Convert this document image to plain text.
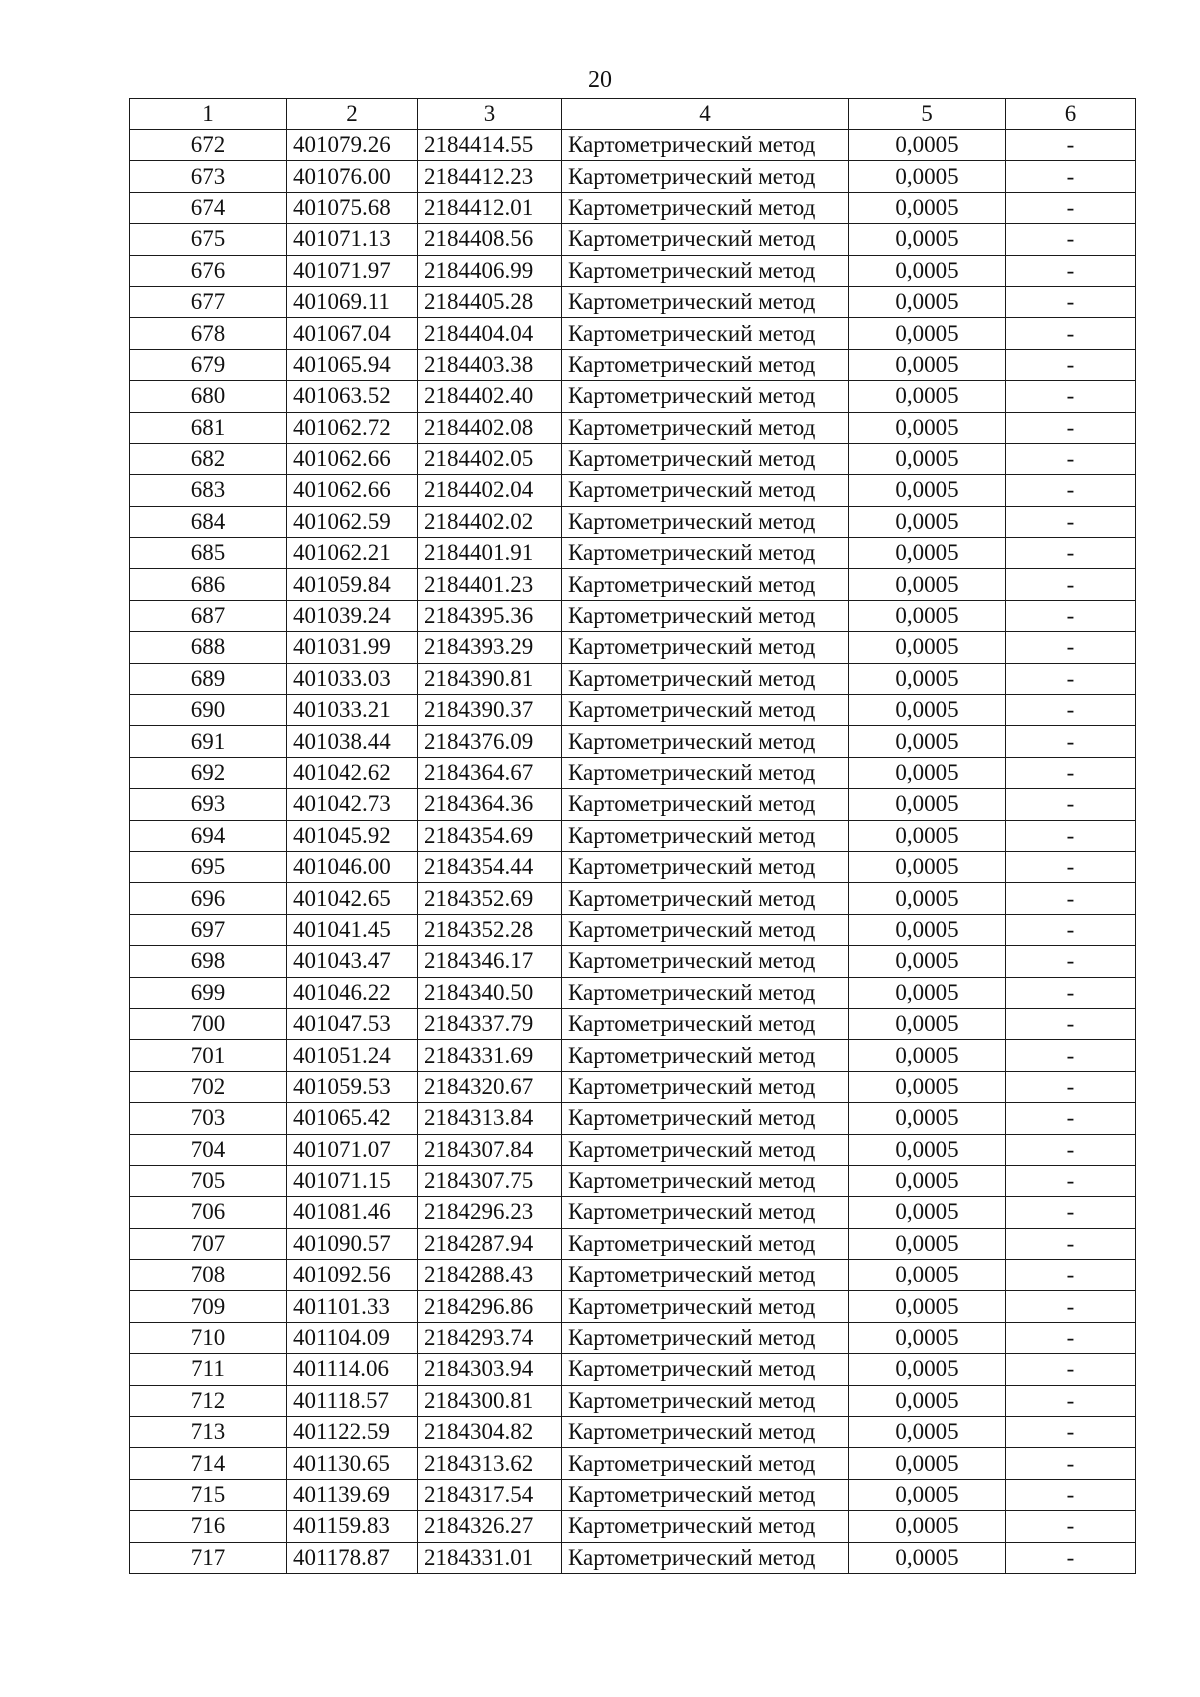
20
1	2	3	4	5	6
672	401079.26	2184414.55	Картометрический метод	0,0005	-
673	401076.00	2184412.23	Картометрический метод	0,0005	-
674	401075.68	2184412.01	Картометрический метод	0,0005	-
675	401071.13	2184408.56	Картометрический метод	0,0005	-
676	401071.97	2184406.99	Картометрический метод	0,0005	-
677	401069.11	2184405.28	Картометрический метод	0,0005	-
678	401067.04	2184404.04	Картометрический метод	0,0005	-
679	401065.94	2184403.38	Картометрический метод	0,0005	-
680	401063.52	2184402.40	Картометрический метод	0,0005	-
681	401062.72	2184402.08	Картометрический метод	0,0005	-
682	401062.66	2184402.05	Картометрический метод	0,0005	-
683	401062.66	2184402.04	Картометрический метод	0,0005	-
684	401062.59	2184402.02	Картометрический метод	0,0005	-
685	401062.21	2184401.91	Картометрический метод	0,0005	-
686	401059.84	2184401.23	Картометрический метод	0,0005	-
687	401039.24	2184395.36	Картометрический метод	0,0005	-
688	401031.99	2184393.29	Картометрический метод	0,0005	-
689	401033.03	2184390.81	Картометрический метод	0,0005	-
690	401033.21	2184390.37	Картометрический метод	0,0005	-
691	401038.44	2184376.09	Картометрический метод	0,0005	-
692	401042.62	2184364.67	Картометрический метод	0,0005	-
693	401042.73	2184364.36	Картометрический метод	0,0005	-
694	401045.92	2184354.69	Картометрический метод	0,0005	-
695	401046.00	2184354.44	Картометрический метод	0,0005	-
696	401042.65	2184352.69	Картометрический метод	0,0005	-
697	401041.45	2184352.28	Картометрический метод	0,0005	-
698	401043.47	2184346.17	Картометрический метод	0,0005	-
699	401046.22	2184340.50	Картометрический метод	0,0005	-
700	401047.53	2184337.79	Картометрический метод	0,0005	-
701	401051.24	2184331.69	Картометрический метод	0,0005	-
702	401059.53	2184320.67	Картометрический метод	0,0005	-
703	401065.42	2184313.84	Картометрический метод	0,0005	-
704	401071.07	2184307.84	Картометрический метод	0,0005	-
705	401071.15	2184307.75	Картометрический метод	0,0005	-
706	401081.46	2184296.23	Картометрический метод	0,0005	-
707	401090.57	2184287.94	Картометрический метод	0,0005	-
708	401092.56	2184288.43	Картометрический метод	0,0005	-
709	401101.33	2184296.86	Картометрический метод	0,0005	-
710	401104.09	2184293.74	Картометрический метод	0,0005	-
711	401114.06	2184303.94	Картометрический метод	0,0005	-
712	401118.57	2184300.81	Картометрический метод	0,0005	-
713	401122.59	2184304.82	Картометрический метод	0,0005	-
714	401130.65	2184313.62	Картометрический метод	0,0005	-
715	401139.69	2184317.54	Картометрический метод	0,0005	-
716	401159.83	2184326.27	Картометрический метод	0,0005	-
717	401178.87	2184331.01	Картометрический метод	0,0005	-
